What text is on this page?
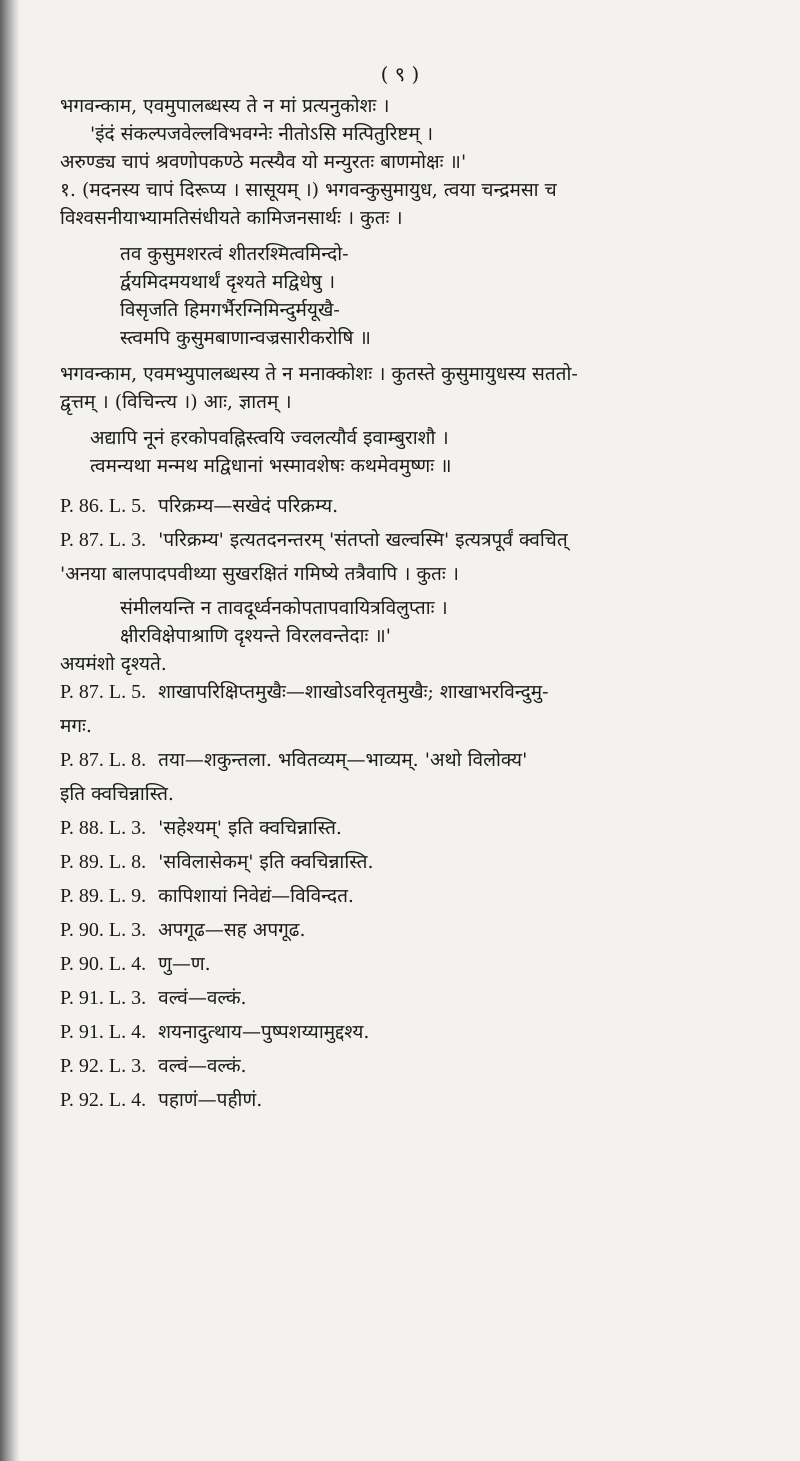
( ९ )

भगवन्काम, एवमुपालब्धस्य ते न मां प्रत्यनुकोशः ।

'इंदं संकल्पजवेल्लविभवग्नेः नीतोऽसि मत्पितुरिष्टम् ।

अरुण्ड्य चापं श्रवणोपकण्ठे मत्स्यैव यो मन्युरतः बाणमोक्षः ॥'

१. (मदनस्य चापं दिरूप्य । सासूयम् ।) भगवन्कुसुमायुध, त्वया चन्द्रमसा च

विश्वसनीयाभ्यामतिसंधीयते कामिजनसार्थः । कुतः ।

तव कुसुमशरत्वं शीतरश्मित्वमिन्दो-

र्द्वयमिदमयथार्थं दृश्यते मद्विधेषु ।

विसृजति हिमगर्भैरग्निमिन्दुर्मयूखै-

स्त्वमपि कुसुमबाणान्वज्रसारीकरोषि ॥

भगवन्काम, एवमभ्युपालब्धस्य ते न मनाक्कोशः । कुतस्ते कुसुमायुधस्य सततो-

द्वृत्तम् । (विचिन्त्य ।) आः, ज्ञातम् ।

अद्यापि नूनं हरकोपवह्निस्त्वयि ज्वलत्यौर्व इवाम्बुराशौ ।

त्वमन्यथा मन्मथ मद्विधानां भस्मावशेषः कथमेवमुष्णः ॥

P. 86. L. 5. परिक्रम्य—सखेदं परिक्रम्य.

P. 87. L. 3. 'परिक्रम्य' इत्यतदनन्तरम् 'संतप्तो खल्वस्मि' इत्यत्रपूर्वं क्वचित्

'अनया बालपादपवीथ्या सुखरक्षितं गमिष्ये तत्रैवापि । कुतः ।

संमीलयन्ति न तावदूर्ध्वनकोपतापवायित्रविलुप्ताः ।

क्षीरविक्षेपाश्राणि दृश्यन्ते विरलवन्तेदाः ॥'

अयमंशो दृश्यते.

P. 87. L. 5. शाखापरिक्षिप्तमुखैः—शाखोऽवरिवृतमुखैः; शाखाभरविन्दुमु-

मगः.

P. 87. L. 8. तया—शकुन्तला. भवितव्यम्—भाव्यम्. 'अथो विलोक्य'

इति क्वचिन्नास्ति.

P. 88. L. 3. 'सहेश्यम्' इति क्वचिन्नास्ति.

P. 89. L. 8. 'सविलासेकम्' इति क्वचिन्नास्ति.

P. 89. L. 9. कापिशायां निवेद्यं—विविन्दत.

P. 90. L. 3. अपगूढ—सह अपगूढ.

P. 90. L. 4. णु—ण.

P. 91. L. 3. वल्वं—वल्कं.

P. 91. L. 4. शयनादुत्थाय—पुष्पशय्यामुद्दश्य.

P. 92. L. 3. वल्वं—वल्कं.

P. 92. L. 4. पहाणं—पहीणं.
